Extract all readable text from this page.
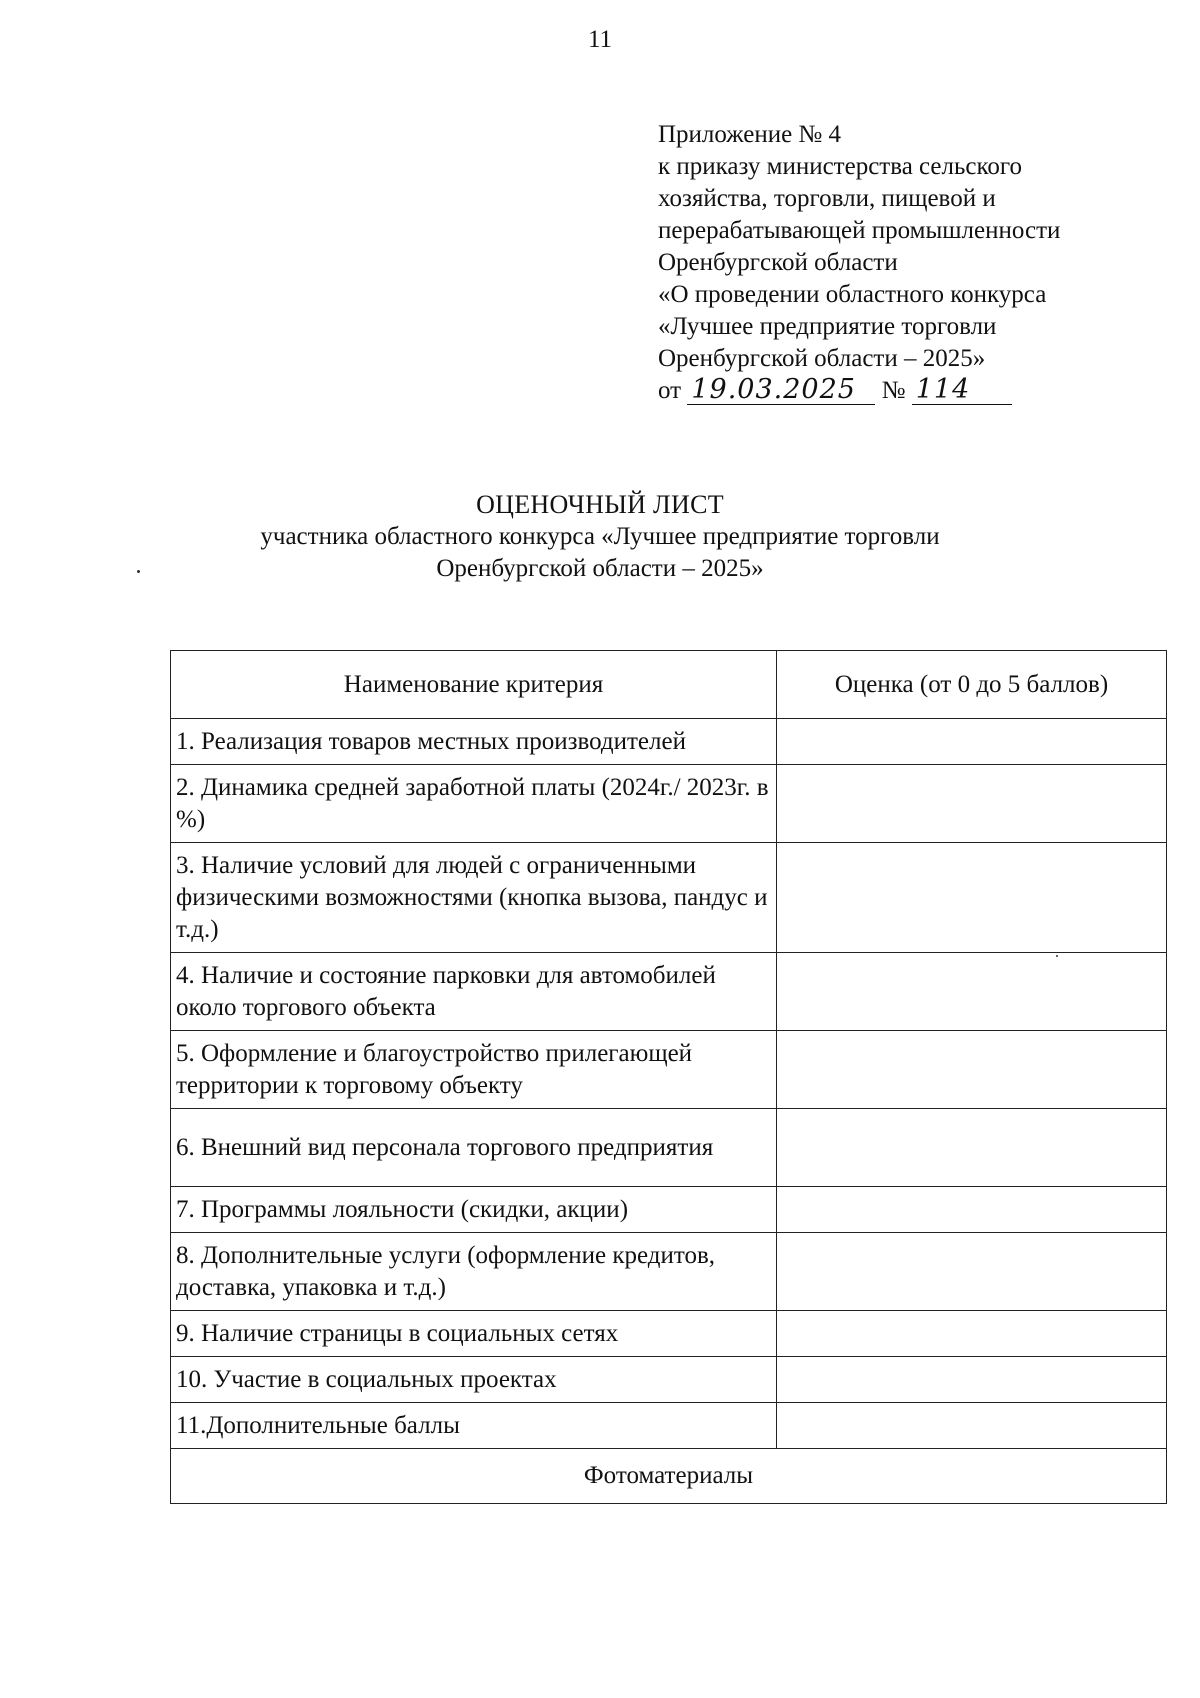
11
Приложение № 4
к приказу министерства сельского
хозяйства, торговли, пищевой и
перерабатывающей промышленности
Оренбургской области
«О проведении областного конкурса
«Лучшее предприятие торговли
Оренбургской области – 2025»
от 19.03.2025 № 114
ОЦЕНОЧНЫЙ ЛИСТ
участника областного конкурса «Лучшее предприятие торговли
Оренбургской области – 2025»
Наименование критерия	Оценка (от 0 до 5 баллов)
1. Реализация товаров местных производителей	
2. Динамика средней заработной платы (2024г./ 2023г. в %)	
3. Наличие условий для людей с ограниченными физическими возможностями (кнопка вызова, пандус и т.д.)	
4. Наличие и состояние парковки для автомобилей около торгового объекта	
5. Оформление и благоустройство прилегающей территории к торговому объекту	
6. Внешний вид персонала торгового предприятия	
7. Программы лояльности (скидки, акции)	
8. Дополнительные услуги (оформление кредитов, доставка, упаковка и т.д.)	
9. Наличие страницы в социальных сетях	
10. Участие в социальных проектах	
11.Дополнительные баллы	
Фотоматериалы	
